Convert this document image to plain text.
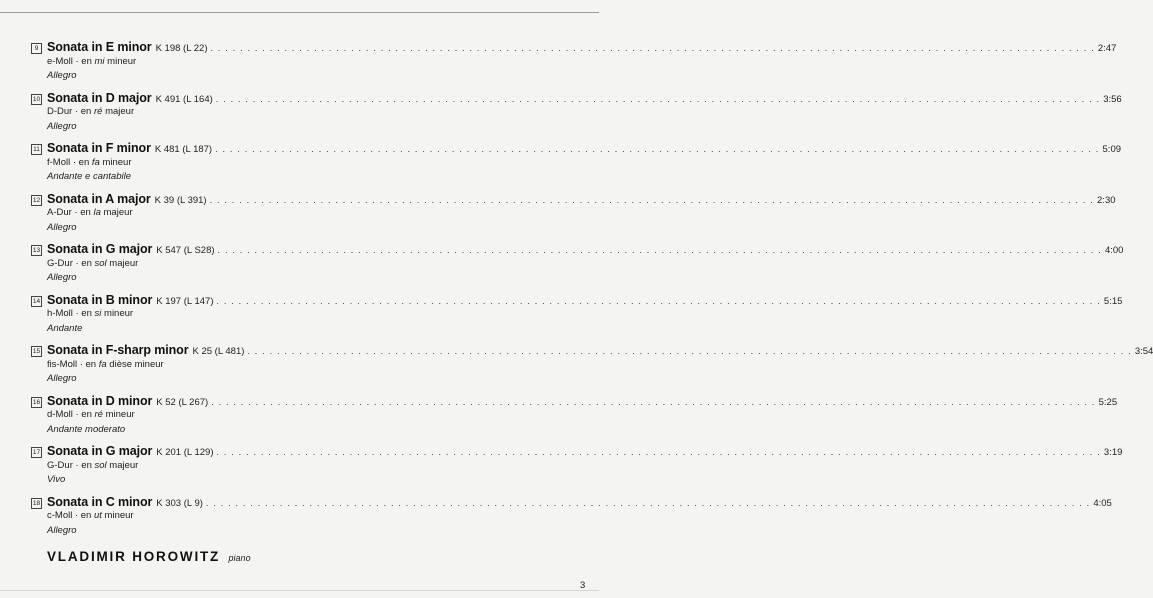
9 Sonata in E minor K 198 (L 22) . . . . . . . . . . . . . . . . . . . . . . . . . . . . . . . . . . . . . . . . . . . . . . . . . . . . . . . . . . . . . . . . . . . . . . . . . . . . . . . . . . . . . . . . . . . . . . . . . . . . . . . . . . . . . . . . . . . . . . . . 2:47
e-Moll · en mi mineur
Allegro
10 Sonata in D major K 491 (L 164) . . . . . . . . . . . . . . . . . . . . . . . . . . . . . . . . . . . . . . . . . . . . . . . . . . . . . . . . . . . . . . . . . . . . . . . . . . . . . . . . . . . . . . . . . . . . . . . . . . . . . . . . . . . . . . . . . . . . . . . . 3:56
D-Dur · en ré majeur
Allegro
11 Sonata in F minor K 481 (L 187) . . . . . . . . . . . . . . . . . . . . . . . . . . . . . . . . . . . . . . . . . . . . . . . . . . . . . . . . . . . . . . . . . . . . . . . . . . . . . . . . . . . . . . . . . . . . . . . . . . . . . . . . . . . . . . . . . . . . . . . . 5:09
f-Moll · en fa mineur
Andante e cantabile
12 Sonata in A major K 39 (L 391) . . . . . . . . . . . . . . . . . . . . . . . . . . . . . . . . . . . . . . . . . . . . . . . . . . . . . . . . . . . . . . . . . . . . . . . . . . . . . . . . . . . . . . . . . . . . . . . . . . . . . . . . . . . . . . . . . . . . . . . . 2:30
A-Dur · en la majeur
Allegro
13 Sonata in G major K 547 (L S28) . . . . . . . . . . . . . . . . . . . . . . . . . . . . . . . . . . . . . . . . . . . . . . . . . . . . . . . . . . . . . . . . . . . . . . . . . . . . . . . . . . . . . . . . . . . . . . . . . . . . . . . . . . . . . . . . . . . . . . . . 4:00
G-Dur · en sol majeur
Allegro
14 Sonata in B minor K 197 (L 147) . . . . . . . . . . . . . . . . . . . . . . . . . . . . . . . . . . . . . . . . . . . . . . . . . . . . . . . . . . . . . . . . . . . . . . . . . . . . . . . . . . . . . . . . . . . . . . . . . . . . . . . . . . . . . . . . . . . . . . . . 5:15
h-Moll · en si mineur
Andante
15 Sonata in F-sharp minor K 25 (L 481) . . . . . . . . . . . . . . . . . . . . . . . . . . . . . . . . . . . . . . . . . . . . . . . . . . . . . . . . . . . . . . . . . . . . . . . . . . . . . . . . . . . . . . . . . . . . . . . . . . . . . . . . . . . . . . . . . . . . . . . . 3:54
fis-Moll · en fa dièse mineur
Allegro
16 Sonata in D minor K 52 (L 267) . . . . . . . . . . . . . . . . . . . . . . . . . . . . . . . . . . . . . . . . . . . . . . . . . . . . . . . . . . . . . . . . . . . . . . . . . . . . . . . . . . . . . . . . . . . . . . . . . . . . . . . . . . . . . . . . . . . . . . . . 5:25
d-Moll · en ré mineur
Andante moderato
17 Sonata in G major K 201 (L 129) . . . . . . . . . . . . . . . . . . . . . . . . . . . . . . . . . . . . . . . . . . . . . . . . . . . . . . . . . . . . . . . . . . . . . . . . . . . . . . . . . . . . . . . . . . . . . . . . . . . . . . . . . . . . . . . . . . . . . . . . 3:19
G-Dur · en sol majeur
Vivo
18 Sonata in C minor K 303 (L 9) . . . . . . . . . . . . . . . . . . . . . . . . . . . . . . . . . . . . . . . . . . . . . . . . . . . . . . . . . . . . . . . . . . . . . . . . . . . . . . . . . . . . . . . . . . . . . . . . . . . . . . . . . . . . . . . . . . . . . . . . 4:05
c-Moll · en ut mineur
Allegro
VLADIMIR HOROWITZ piano
3
